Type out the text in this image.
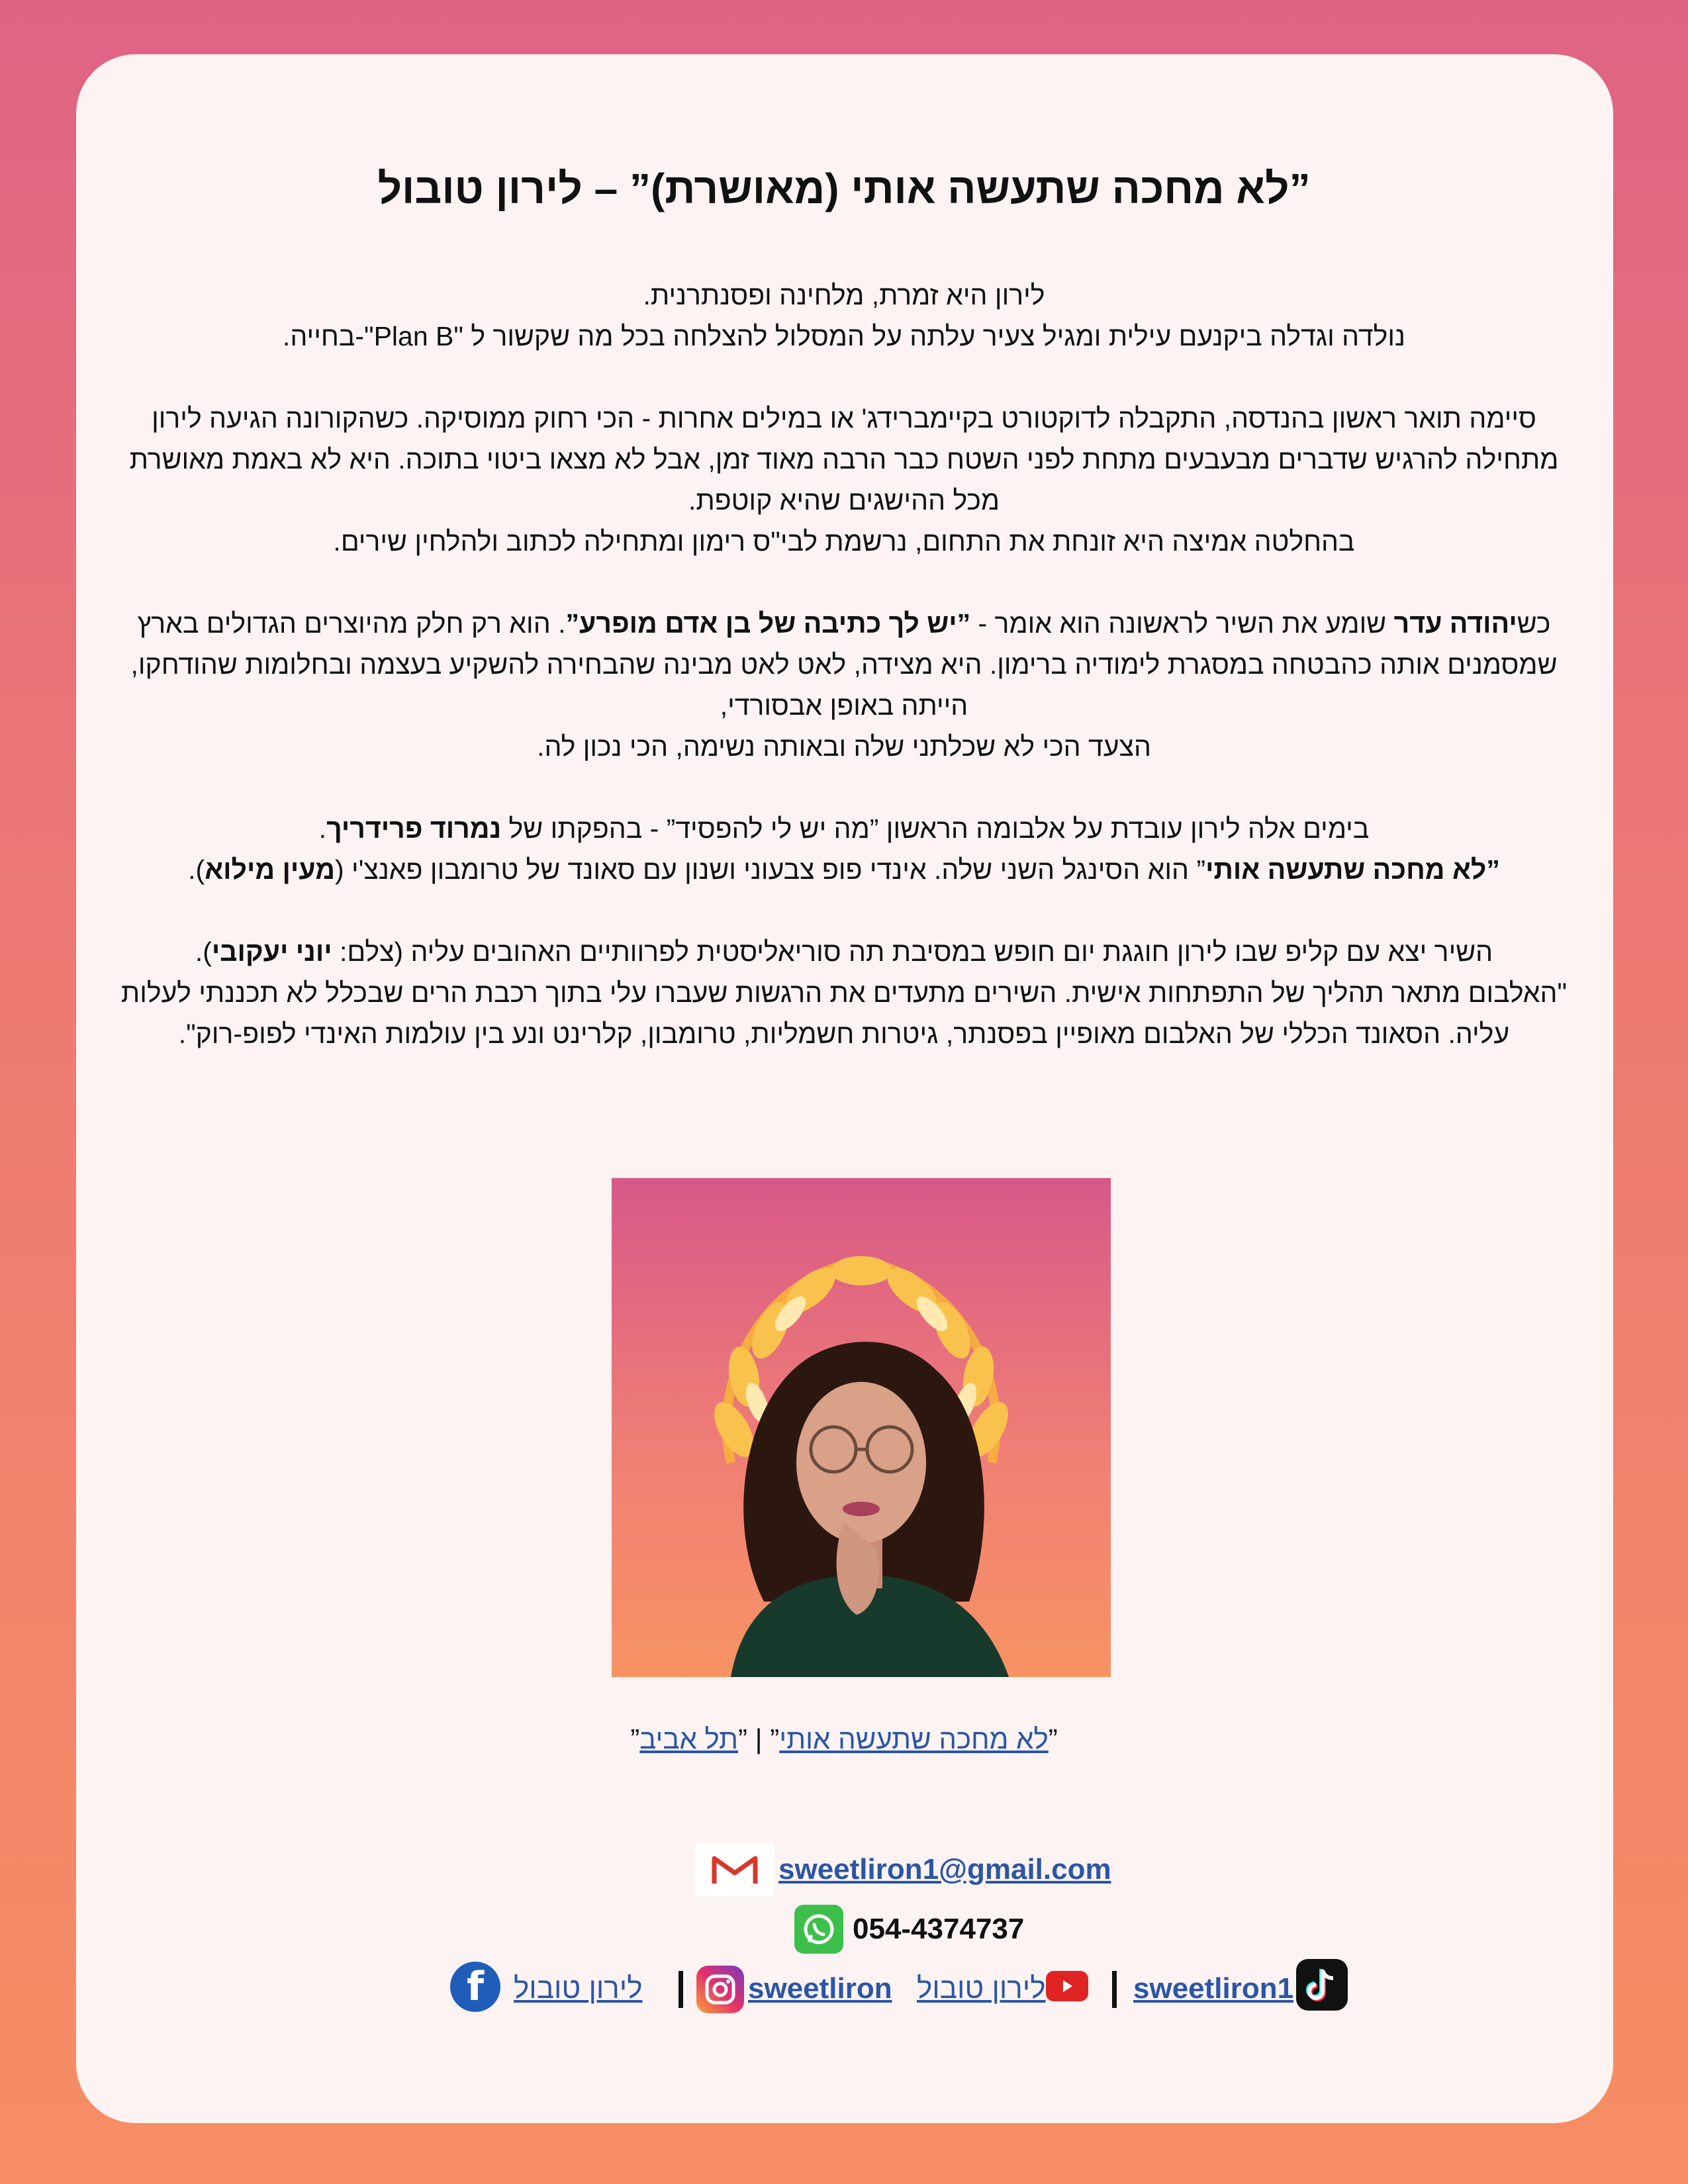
”לא מחכה שתעשה אותי (מאושרת)” – לירון טובול

לירון היא זמרת, מלחינה ופסנתרנית.

נולדה וגדלה ביקנעם עילית ומגיל צעיר עלתה על המסלול להצלחה בכל מה שקשור ל "Plan B"-בחייה.

סיימה תואר ראשון בהנדסה, התקבלה לדוקטורט בקיימברידג' או במילים אחרות - הכי רחוק ממוסיקה. כשהקורונה הגיעה לירון מתחילה להרגיש שדברים מבעבעים מתחת לפני השטח כבר הרבה מאוד זמן, אבל לא מצאו ביטוי בתוכה. היא לא באמת מאושרת מכל ההישגים שהיא קוטפת.

בהחלטה אמיצה היא זונחת את התחום, נרשמת לבי"ס רימון ומתחילה לכתוב ולהלחין שירים.

כשיהודה עדר שומע את השיר לראשונה הוא אומר - ”יש לך כתיבה של בן אדם מופרע”. הוא רק חלק מהיוצרים הגדולים בארץ שמסמנים אותה כהבטחה במסגרת לימודיה ברימון. היא מצידה, לאט לאט מבינה שהבחירה להשקיע בעצמה ובחלומות שהודחקו, הייתה באופן אבסורדי,

הצעד הכי לא שכלתני שלה ובאותה נשימה, הכי נכון לה.

בימים אלה לירון עובדת על אלבומה הראשון ”מה יש לי להפסיד” - בהפקתו של נמרוד פרידריך.

”לא מחכה שתעשה אותי” הוא הסינגל השני שלה. אינדי פופ צבעוני ושנון עם סאונד של טרומבון פאנצ'י (מעין מילוא).

השיר יצא עם קליפ שבו לירון חוגגת יום חופש במסיבת תה סוריאליסטית לפרוותיים האהובים עליה (צלם: יוני יעקובי).

"האלבום מתאר תהליך של התפתחות אישית. השירים מתעדים את הרגשות שעברו עלי בתוך רכבת הרים שבכלל לא תכננתי לעלות עליה. הסאונד הכללי של האלבום מאופיין בפסנתר, גיטרות חשמליות, טרומבון, קלרינט ונע בין עולמות האינדי לפופ-רוק".

”לא מחכה שתעשה אותי” | ”תל אביב”
sweetliron1@gmail.com
054-4374737
f	לירון טובול	sweetliron לירון טובול	sweetliron1
